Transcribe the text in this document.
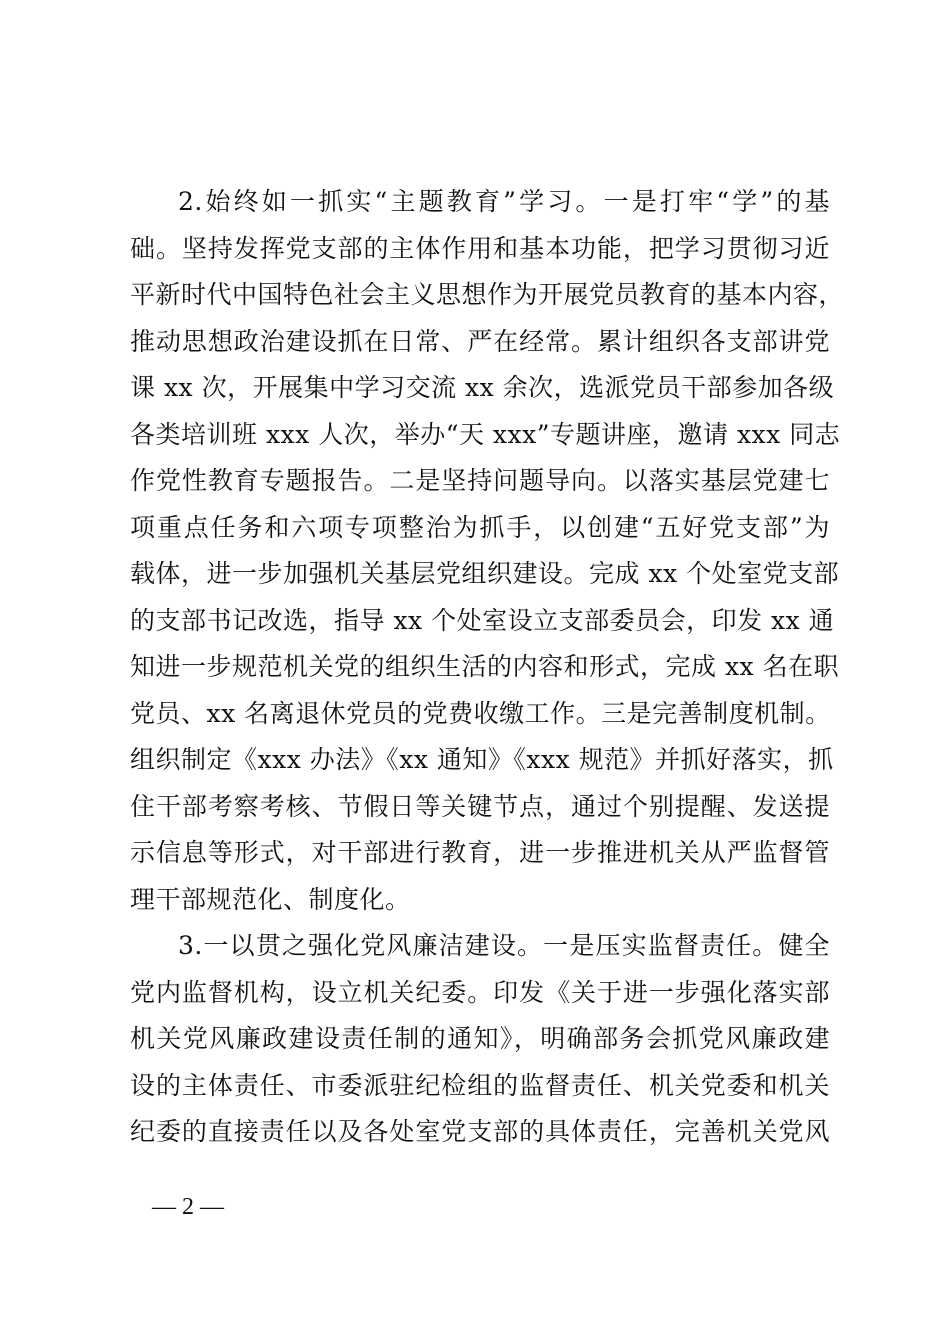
2.始终如一抓实“主题教育”学习。一是打牢“学”的基
础。坚持发挥党支部的主体作用和基本功能，把学习贯彻习近
平新时代中国特色社会主义思想作为开展党员教育的基本内容，
推动思想政治建设抓在日常、严在经常。累计组织各支部讲党
课 xx 次，开展集中学习交流 xx 余次，选派党员干部参加各级
各类培训班 xxx 人次，举办“天 xxx”专题讲座，邀请 xxx 同志
作党性教育专题报告。二是坚持问题导向。以落实基层党建七
项重点任务和六项专项整治为抓手，以创建“五好党支部”为
载体，进一步加强机关基层党组织建设。完成 xx 个处室党支部
的支部书记改选，指导 xx 个处室设立支部委员会，印发 xx 通
知进一步规范机关党的组织生活的内容和形式，完成 xx 名在职
党员、xx 名离退休党员的党费收缴工作。三是完善制度机制。
组织制定《xxx 办法》《xx 通知》《xxx 规范》并抓好落实，抓
住干部考察考核、节假日等关键节点，通过个别提醒、发送提
示信息等形式，对干部进行教育，进一步推进机关从严监督管
理干部规范化、制度化。
3.一以贯之强化党风廉洁建设。一是压实监督责任。健全
党内监督机构，设立机关纪委。印发《关于进一步强化落实部
机关党风廉政建设责任制的通知》，明确部务会抓党风廉政建
设的主体责任、市委派驻纪检组的监督责任、机关党委和机关
纪委的直接责任以及各处室党支部的具体责任，完善机关党风
— 2 —
